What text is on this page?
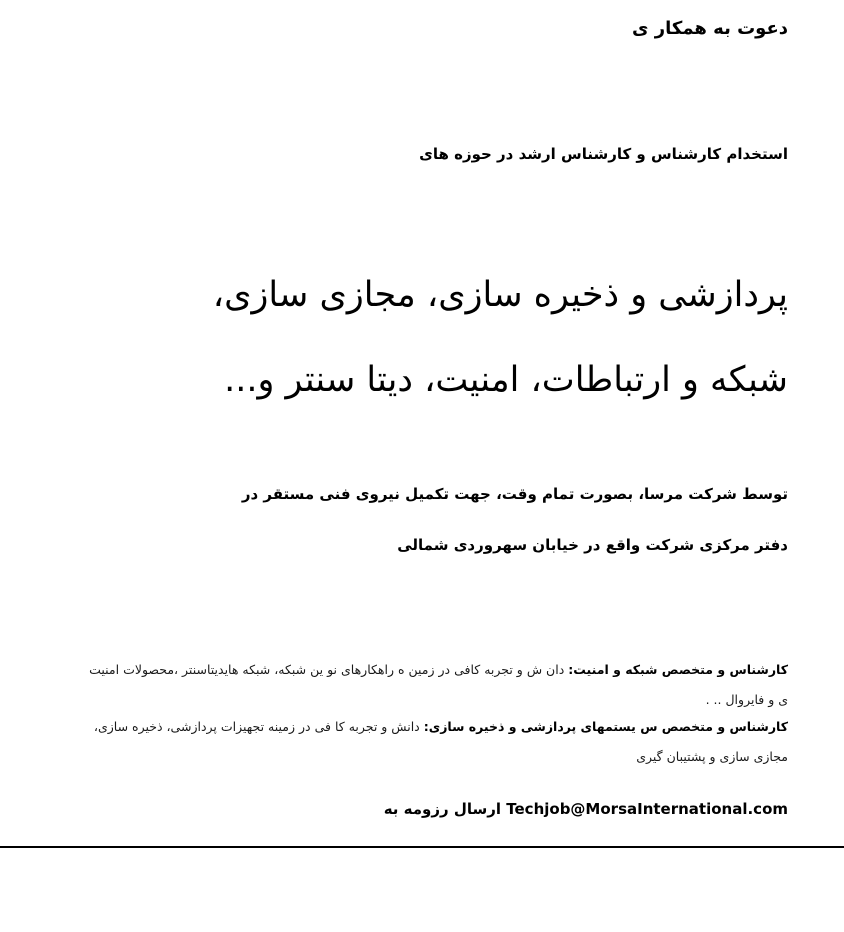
دعوت به همکار ی
استخدام کارشناس و کارشناس ارشد در حوزه های
پردازشی و ذخیره سازی، مجازی سازی،
شبکه و ارتباطات، امنیت، دیتا سنتر و...
توسط شرکت مرسا، بصورت تمام وقت، جهت تکمیل نیروی فنی مستقر در
دفتر مرکزی شرکت واقع در خیابان سهروردی شمالی
کارشناس و متخصص شبکه و امنیت: دان ش و تجربه کافی در زمین ه راهکارهای نو ین شبکه، شبکه هایدیتاسنتر ،محصولات امنیت ی و فایروال .. .
کارشناس و متخصص س یستمهای پردازشی و ذخیره سازی: دانش و تجربه کا فی در زمینه تجهیزات پردازشی، ذخیره سازی، مجازی سازی و پشتیبان گیری
Techjob@MorsaInternational.com ارسال رزومه به
